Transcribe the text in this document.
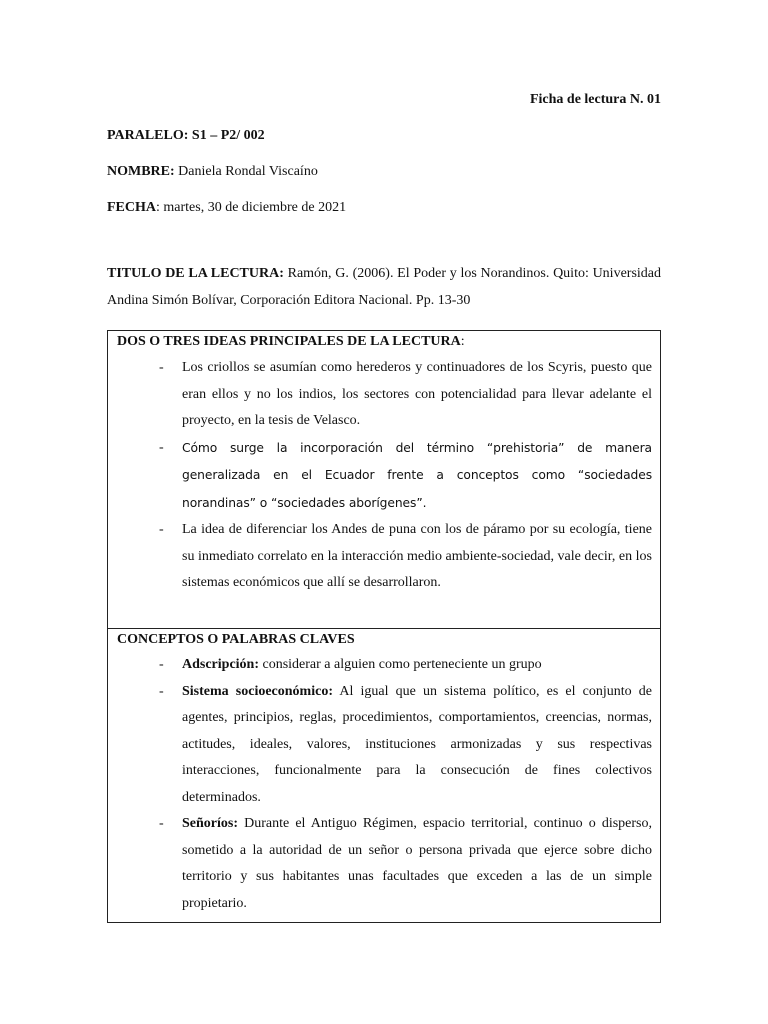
Ficha de lectura N. 01
PARALELO: S1 – P2/ 002
NOMBRE: Daniela Rondal Viscaíno
FECHA: martes, 30 de diciembre de 2021
TITULO DE LA LECTURA: Ramón, G. (2006). El Poder y los Norandinos. Quito: Universidad Andina Simón Bolívar, Corporación Editora Nacional. Pp. 13-30
DOS O TRES IDEAS PRINCIPALES DE LA LECTURA:
- Los criollos se asumían como herederos y continuadores de los Scyris, puesto que eran ellos y no los indios, los sectores con potencialidad para llevar adelante el proyecto, en la tesis de Velasco.
- Cómo surge la incorporación del término “prehistoria” de manera generalizada en el Ecuador frente a conceptos como “sociedades norandinas” o “sociedades aborígenes”.
- La idea de diferenciar los Andes de puna con los de páramo por su ecología, tiene su inmediato correlato en la interacción medio ambiente-sociedad, vale decir, en los sistemas económicos que allí se desarrollaron.
CONCEPTOS O PALABRAS CLAVES
- Adscripción: considerar a alguien como perteneciente un grupo
- Sistema socioeconómico: Al igual que un sistema político, es el conjunto de agentes, principios, reglas, procedimientos, comportamientos, creencias, normas, actitudes, ideales, valores, instituciones armonizadas y sus respectivas interacciones, funcionalmente para la consecución de fines colectivos determinados.
- Señoríos: Durante el Antiguo Régimen, espacio territorial, continuo o disperso, sometido a la autoridad de un señor o persona privada que ejerce sobre dicho territorio y sus habitantes unas facultades que exceden a las de un simple propietario.
